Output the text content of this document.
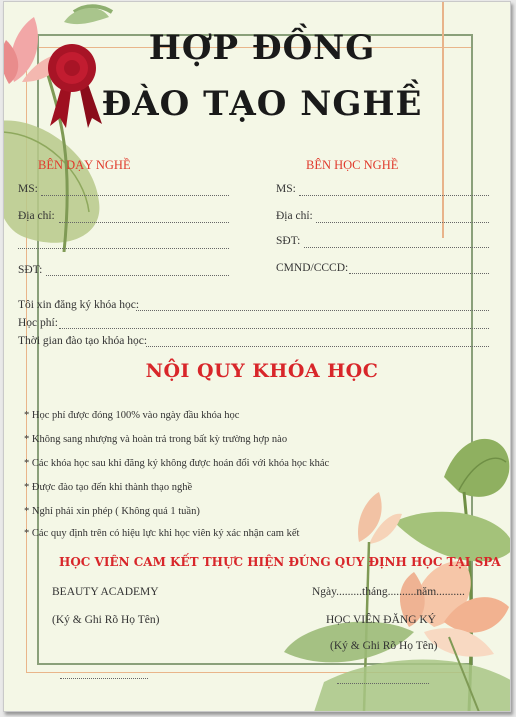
HỢP ĐỒNG
ĐÀO TẠO NGHỀ
BÊN DẠY NGHỀ	BÊN HỌC NGHỀ
MS:
Địa chỉ:
SĐT:
MS:
Địa chỉ:
SĐT:
CMND/CCCD:
Tôi xin đăng ký khóa học:
Học phí:
Thời gian đào tạo khóa học:
NỘI QUY KHÓA HỌC
* Học phí được đóng 100% vào ngày đầu khóa học
* Không sang nhượng và hoàn trả trong bất kỳ trường hợp nào
* Các khóa học sau khi đăng ký không được hoán đổi với khóa học khác
* Được đào tạo đến khi thành thạo nghề
* Nghỉ phải xin phép ( Không quá 1 tuần)
* Các quy định trên có hiệu lực khi học viên ký xác nhận cam kết
HỌC VIÊN CAM KẾT THỰC HIỆN ĐÚNG QUY ĐỊNH HỌC TẠI SPA
BEAUTY ACADEMY
(Ký & Ghi Rõ Họ Tên)
Ngày.........tháng..........năm..........
HỌC VIÊN ĐĂNG KÝ
(Ký & Ghi Rõ Họ Tên)
